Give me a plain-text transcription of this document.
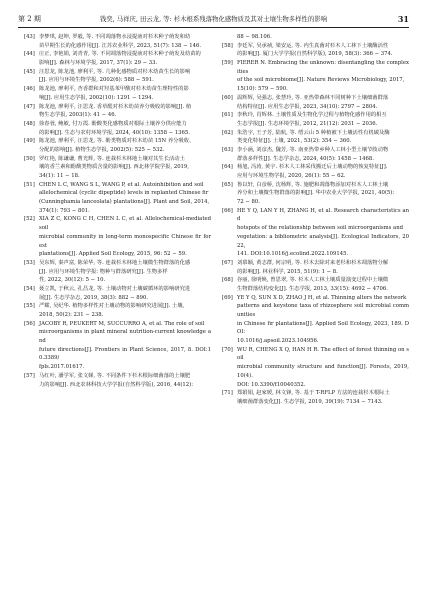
第 2 期	钱奕, 马祥庆, 田云龙, 等: 杉木根系残落物化感物质及其对土壤生物多样性的影响	31
[43] 李梦琪, 赵坤, 罗毅, 等. 不同凋落物水浸提液对杉木种子萌发和幼
苗早期生长的化感作用[J]. 江苏农业科学, 2023, 51(7): 138 − 146.
[44] 庄正, 李艳娟, 刘青青, 等. 不同凋落物浸提液对杉木种子萌发及幼苗的
影响[J]. 森林与环境学报, 2017, 37(1): 29 − 33.
[45] 汪思龙, 陈龙池, 廖利平, 等. 几种化感物质对杉木幼苗生长的影响
[J]. 应用与环境生物学报, 2002(6): 588 − 591.
[46] 陈龙池, 廖利平, 杏香群和对羟基苯甲酸对杉木幼苗生理特性的影
响[J]. 应用生态学报, 2002(10): 1291 − 1294.
[47] 陈龙池, 廖利平, 汪思龙. 香草醛对杉木幼苗养分吸收的影响[J]. 植
物生态学报, 2003(1): 41 − 46.
[48] 徐春蓉, 鲍敏, 付万霞. 酚酸类化感物质对根际土壤养分供应能力
的影响[J]. 生态与农村环境学报, 2024, 40(10): 1358 − 1365.
[49] 陈龙池, 廖利平, 汪思龙, 等. 酚类物质对杉木幼苗 15N 养分吸收、
分配的影响[J]. 植物生态学报, 2002(5): 525 − 532.
[50] 罗红艳, 陈谦谦, 曹光辉, 等. 连栽杉木林地土壤对其生长活动土
壤的香兰素和酚酸类物质含量的影响[J]. 西北林学院学报, 2019,
34(1): 11 − 18.
[51] CHEN L C, WANG S L, WANG P, et al. Autoinhibition and soil
allelochemical (cyclic dipeptide) levels in replanted Chinese fir
(Cunninghamia lanceolata) plantations[J]. Plant and Soil, 2014,
374(1): 793 − 801.
[52] XIA Z C, KONG C H, CHEN L C, et al. Allelochemical-mediated soil
microbial community in long-term monospecific Chinese fir forest
plantations[J]. Applied Soil Ecology, 2015, 96: 52 − 59.
[53] 吴东辉, 秦声富, 陈荣华, 等. 连栽杉木林地土壤微生物群落的化感
[J]. 应用与环境生物学报: 物种与群落研究[J]. 生物多样
性, 2022, 30(12): 5 − 10.
[54] 聂立凯, 于秋云, 孔昌龙, 等. 土壤动物对土壤碳循环的影响研究进
展[J]. 生态学杂志, 2019, 38(3): 882 − 890.
[55] 严耀, 吴纪华. 植物多样性对土壤动物的影响研究进展[J]. 土壤,
2018, 50(2): 231 − 238.
[56] JACOBY R, PEUKERT M, SUCCURRO A, et al. The role of soil
microorganisms in plant mineral nutrition-current knowledge and
future directions[J]. Frontiers in Plant Science, 2017, 8. DOI:10.3389/
fpls.2017.01617.
[57] 马红叶, 潘学军, 张文娣, 等. 不同条件下杉木根际细菌落的土壤肥
力的影响[J]. 西北农林科技大学学报(自然科学版), 2016, 44(12):
88 − 98.106.
[58] 李廷军, 吴承祯, 梁安运, 等. 内生真菌对杉木人工林下土壤酶活性
的影响[J]. 厦门大学学报(自然科学版), 2019, 58(3): 366 − 374.
[59] FIERER N. Embracing the unknown: disentangling the complexities
of the soil microbiome[J]. Nature Reviews Microbiology, 2017,
15(10): 579 − 590.
[60] 温辉辉, 吴强志, 张慧玲, 等. 亚热带森林不同树种下土壤细菌群落
结构特征[J]. 应用生态学报, 2023, 34(10): 2797 − 2804.
[61] 李秋玲, 肖辉林. 土壤性质及生物化学过程与植物化感作用的相互
生态学报[J]. 生态环境学报, 2012, 21(12): 2031 − 2036.
[62] 朱浩宇, 王子芳, 陆航, 等. 缙云山 5 种植被下土壤活性有机碳及酶
类变化特征[J]. 土壤, 2021, 53(2): 354 − 360.
[63] 李小涵, 刘彦杰, 魏芳, 等. 南亚热带乡种人工林小型土壤节肢动物
群落多样性[J]. 生态学杂志, 2024, 40(5): 1458 − 1468.
[64] 杨旭, 冯涛, 黄宇. 杉木人工林采伐搬迁后土壤动物的恢复特征[J].
应用与环境生物学报, 2020, 26(1): 55 − 62.
[65] 鲁以轩, 白彦桥, 沈杨辉, 等. 施肥和凋落物添加对杉木人工林土壤
养分和土壤微生物群落的影响[J]. 华中农业大学学报, 2021, 40(5):
72 − 80.
[66] HE Y Q, LAN Y H, ZHANG H, et al. Research characteristics and
hotspots of the relationship between soil microorganisms and
vegetation: a bibliometric analysis[J]. Ecological Indicators, 2022,
141. DOI:10.1016/j.ecolind.2022.109145.
[67] 刘慕颖, 黄志群, 何宗明, 等. 杉木去除对来老杉和杉木凋落物分解
的影响[J]. 林业科学, 2015, 51(9): 1 − 8.
[68] 谷丽, 徐明焕, 曾思翠, 等. 杉木人工林土壤质量演变过程中土壤微
生物群落结构变化[J]. 生态学报, 2013, 33(15): 4692 − 4706.
[69] YE Y Q, SUN X D, ZHAO J H, et al. Thinning alters the network
patterns and keystone taxa of rhizosphere soil microbial communities
in Chinese fir plantations[J]. Applied Soil Ecology, 2023, 189. DOI:
10.1016/j.apsoil.2023.104956.
[70] WU R, CHENG X Q, HAN H R. The effect of forest thinning on soil
microbial community structure and function[J]. Forests, 2019, 10(4).
DOI: 10.3390/f10040352.
[71] 郑娟娟, 赵家媛, 林文锋, 等. 基于 T-RFLP 方法的连栽杉木根际土
壤细菌群落变化[J]. 生态学报, 2019, 39(19): 7134 − 7143.
